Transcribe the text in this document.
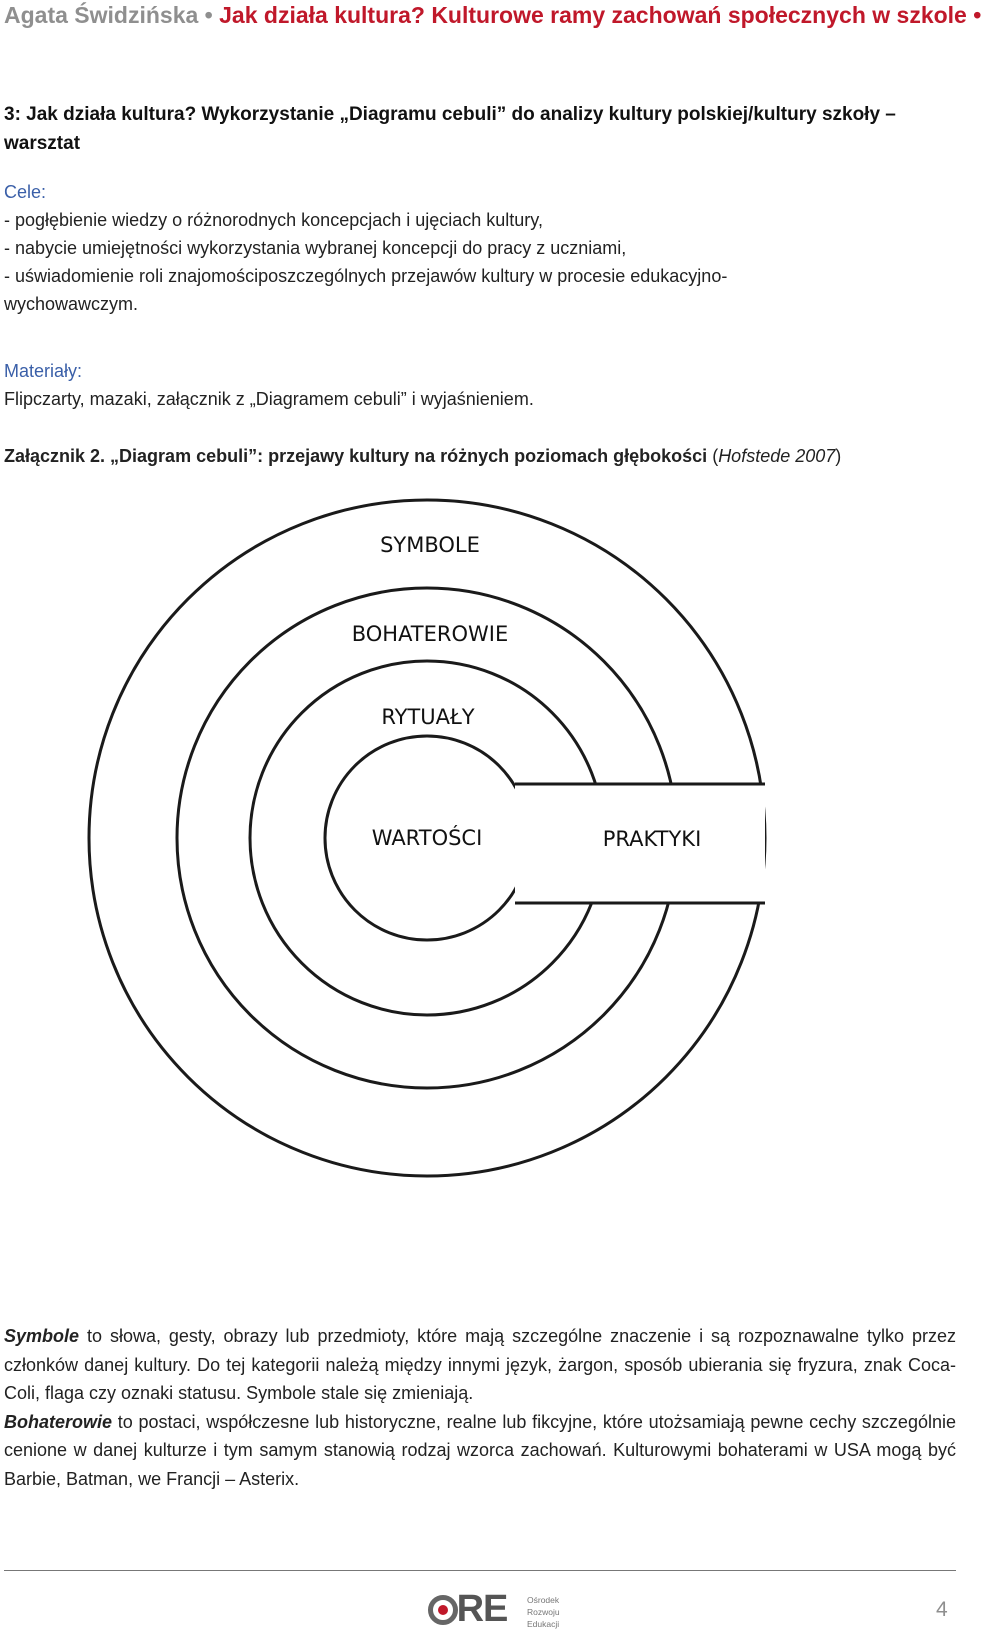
Agata Świdzińska • Jak działa kultura? Kulturowe ramy zachowań społecznych w szkole •
3: Jak działa kultura? Wykorzystanie „Diagramu cebuli” do analizy kultury polskiej/kultury szkoły – warsztat
Cele:
- pogłębienie wiedzy o różnorodnych koncepcjach i ujęciach kultury,
- nabycie umiejętności wykorzystania wybranej koncepcji do pracy z uczniami,
- uświadomienie roli znajomościposzczególnych przejawów kultury w procesie edukacyjno-
wychowawczym.
Materiały:
Flipczarty, mazaki, załącznik z „Diagramem cebuli” i wyjaśnieniem.
Załącznik 2. „Diagram cebuli”: przejawy kultury na różnych poziomach głębokości (Hofstede 2007)
SYMBOLE
BOHATEROWIE
RYTUAŁY
WARTOŚCI	PRAKTYKI

Symbole to słowa, gesty, obrazy lub przedmioty, które mają szczególne znaczenie i są rozpoznawalne tylko przez członków danej kultury. Do tej kategorii należą między innymi język, żargon, sposób ubierania się fryzura, znak Coca-Coli, flaga czy oznaki statusu. Symbole stale się zmieniają.

Bohaterowie to postaci, współczesne lub historyczne, realne lub fikcyjne, które utożsamiają pewne cechy szczególnie cenione w danej kulturze i tym samym stanowią rodzaj wzorca zachowań. Kulturowymi bohaterami w USA mogą być Barbie, Batman, we Francji – Asterix.

RE Ośrodek
Rozwoju
Edukacji
4
